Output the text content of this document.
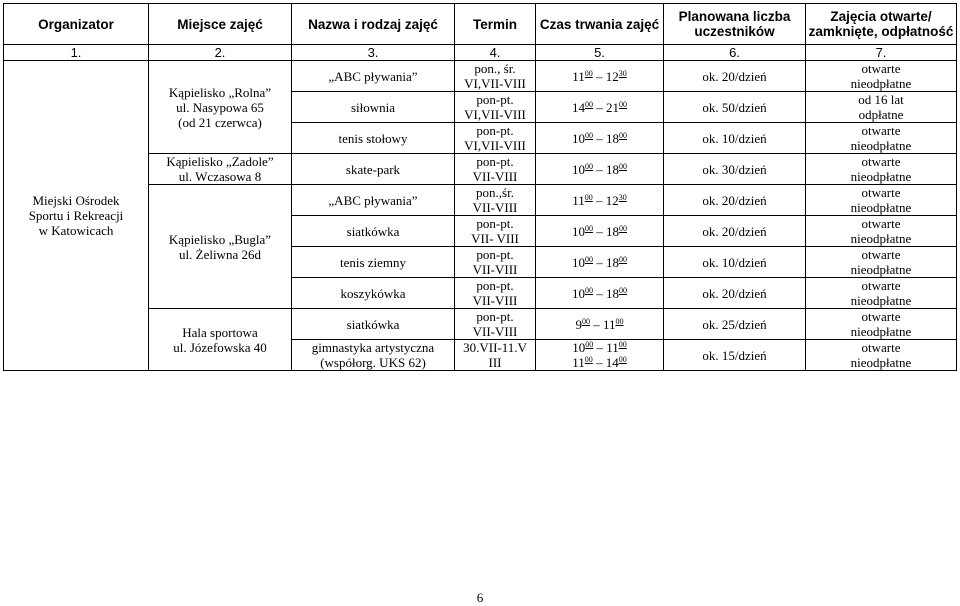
Organizator	Miejsce zajęć	Nazwa i rodzaj zajęć	Termin	Czas trwania zajęć	Planowana liczba uczestników	Zajęcia otwarte/ zamknięte, odpłatność
1.	2.	3.	4.	5.	6.	7.

Miejski Ośrodek
Sportu i Rekreacji
w Katowicach	Kąpielisko „Rolna”
ul. Nasypowa 65
(od 21 czerwca)	„ABC pływania”	pon., śr.
VI,VII-VIII	$11^{00} - 12^{30}$	ok. 20/dzień	otwarte
nieodpłatne

		siłownia	pon-pt.
VI,VII-VIII	$14^{00} - 21^{00}$	ok. 50/dzień	od 16 lat
odpłatne

		tenis stołowy	pon-pt.
VI,VII-VIII	$10^{00} - 18^{00}$	ok. 10/dzień	otwarte
nieodpłatne

	Kąpielisko „Zadole”
ul. Wczasowa 8	skate-park	pon-pt.
VII-VIII	$10^{00} - 18^{00}$	ok. 30/dzień	otwarte
nieodpłatne

	Kąpielisko „Bugla”
ul. Żeliwna 26d	„ABC pływania”	pon.,śr.
VII-VIII	$11^{00} - 12^{30}$	ok. 20/dzień	otwarte
nieodpłatne

		siatkówka	pon-pt.
VII- VIII	$10^{00} - 18^{00}$	ok. 20/dzień	otwarte
nieodpłatne

		tenis ziemny	pon-pt.
VII-VIII	$10^{00} - 18^{00}$	ok. 10/dzień	otwarte
nieodpłatne

		koszykówka	pon-pt.
VII-VIII	$10^{00} - 18^{00}$	ok. 20/dzień	otwarte
nieodpłatne

	Hala sportowa
ul. Józefowska 40	siatkówka	pon-pt.
VII-VIII	$9^{00} - 11^{00}$	ok. 25/dzień	otwarte
nieodpłatne

		gimnastyka artystyczna
(współorg. UKS 62)	30.VII-11.V
III	$10^{00} - 11^{00}$
$11^{00} - 14^{00}$	ok. 15/dzień	otwarte
nieodpłatne
6
